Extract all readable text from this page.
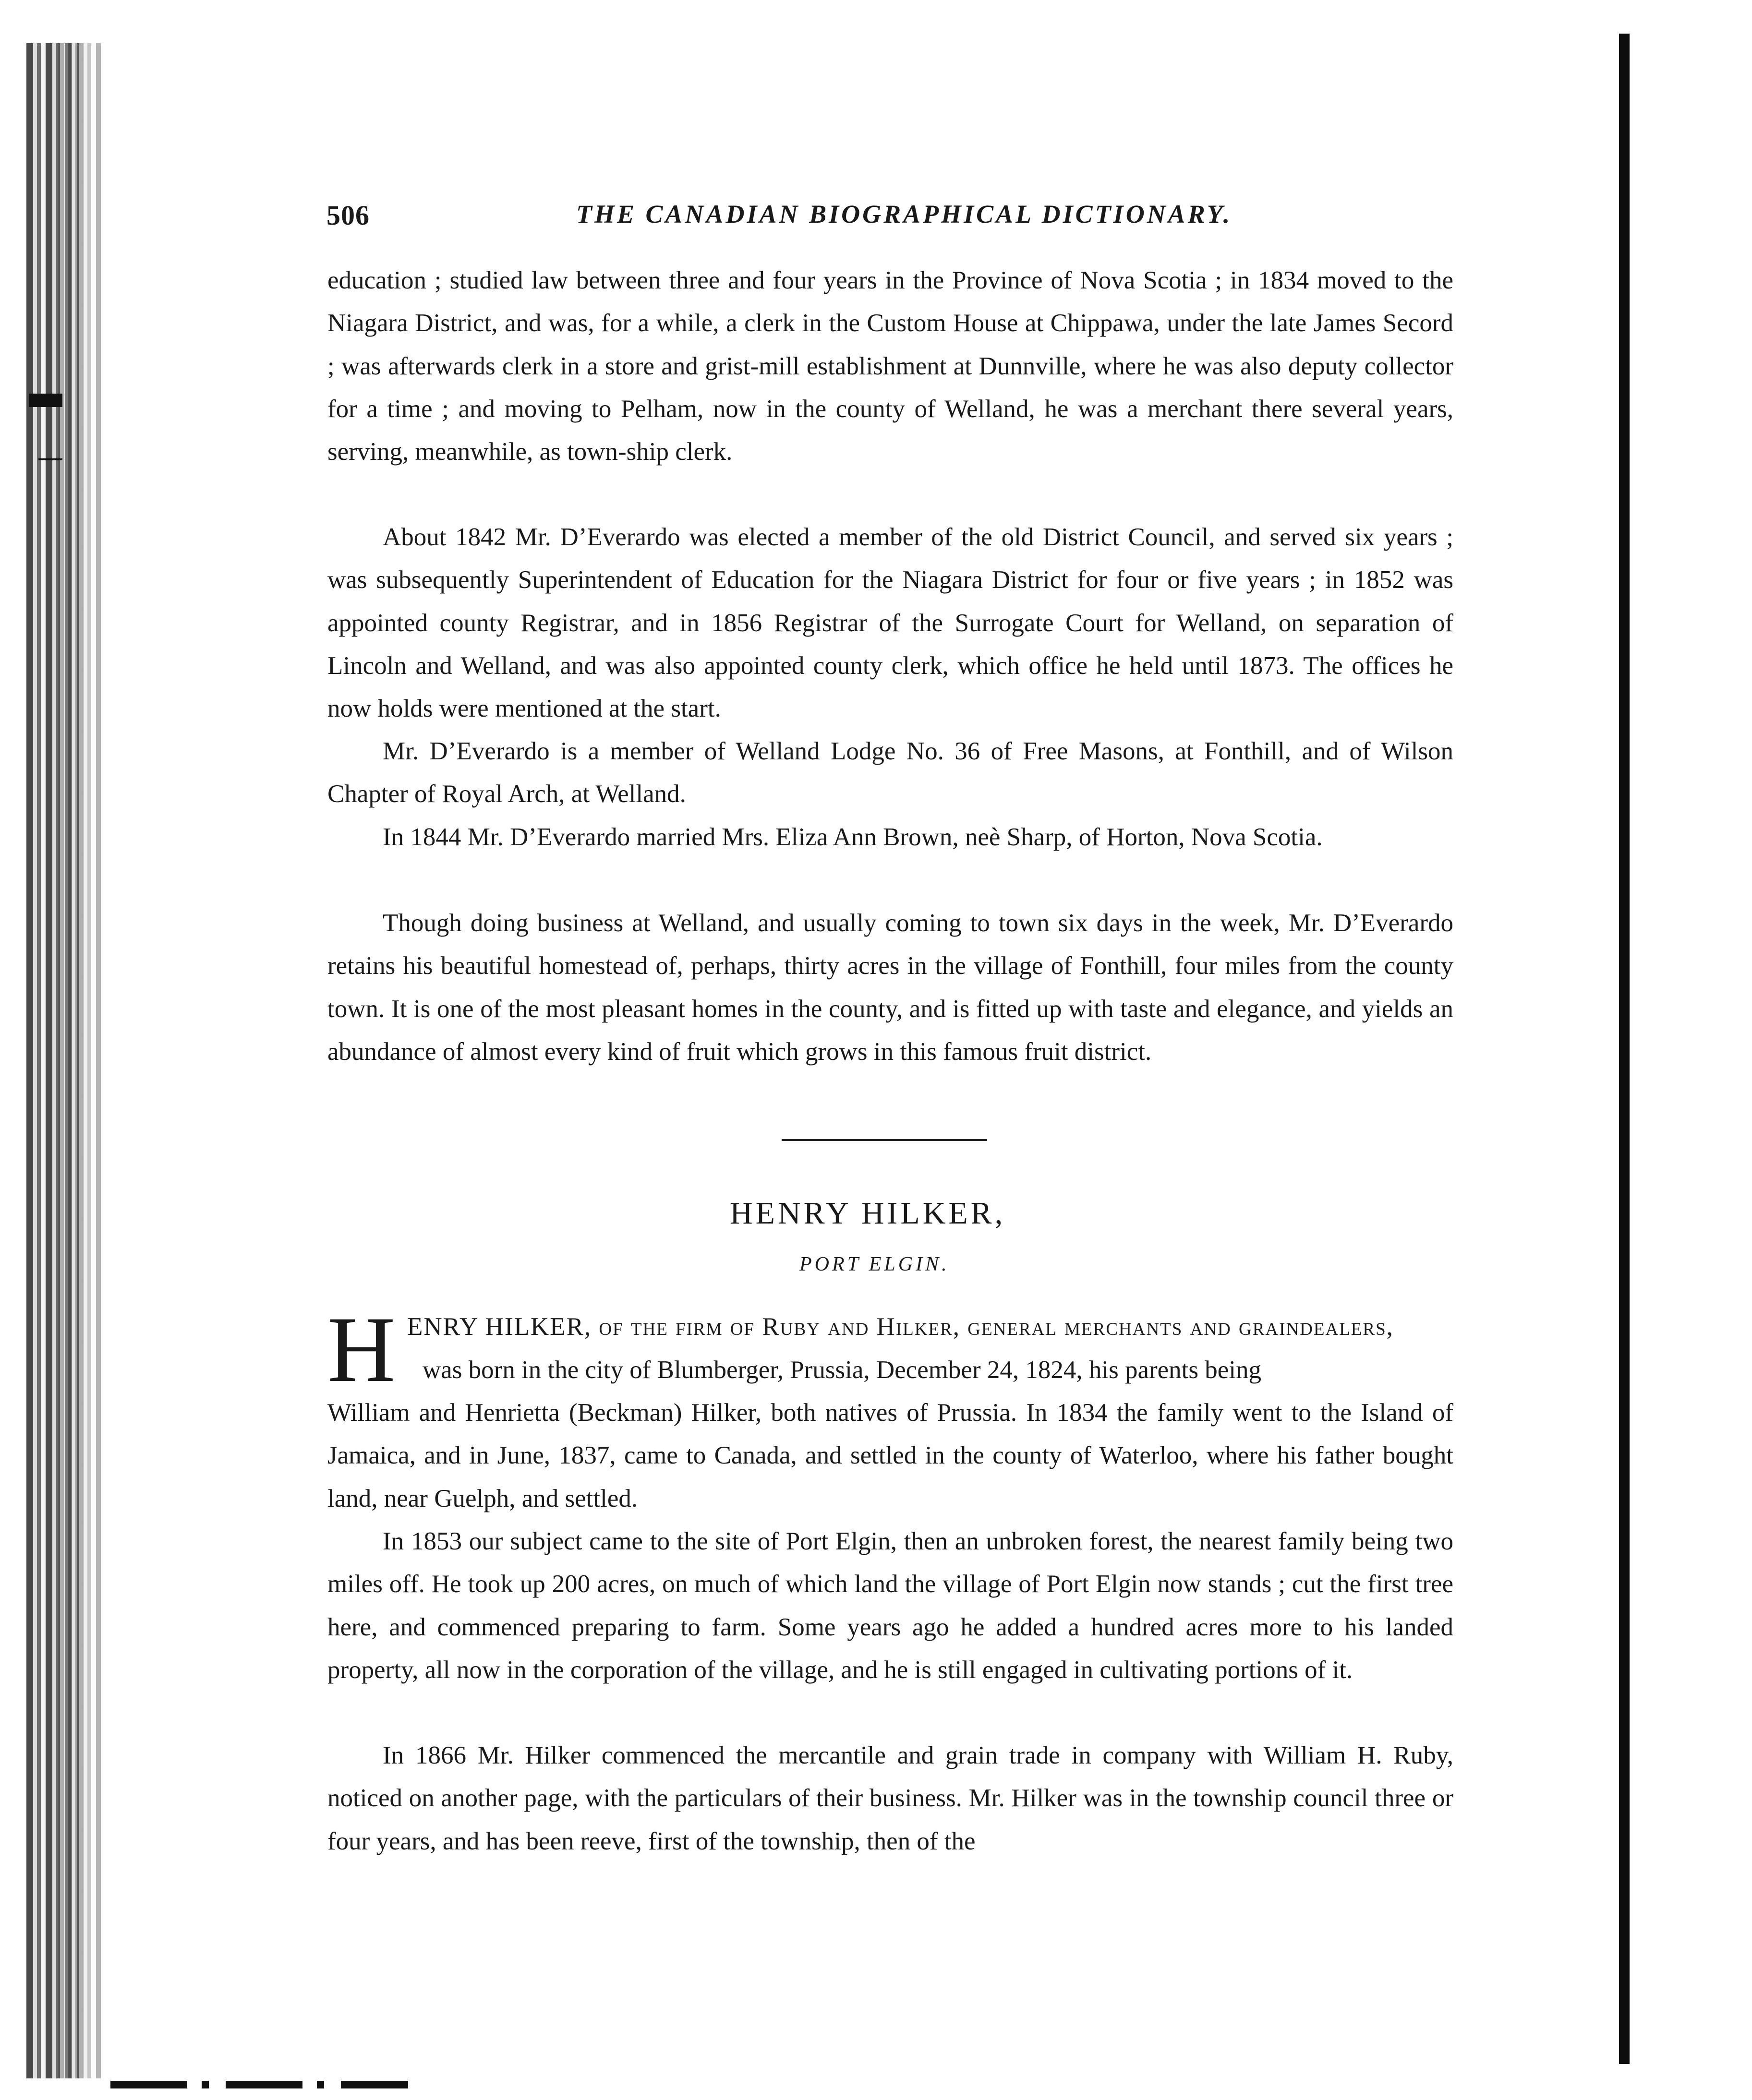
506	THE CANADIAN BIOGRAPHICAL DICTIONARY.

education ; studied law between three and four years in the Province of Nova Scotia ; in 1834 moved to the Niagara District, and was, for a while, a clerk in the Custom House at Chippawa, under the late James Secord ; was afterwards clerk in a store and grist-mill establishment at Dunnville, where he was also deputy collector for a time ; and moving to Pelham, now in the county of Welland, he was a merchant there several years, serving, meanwhile, as town-ship clerk.

About 1842 Mr. D’Everardo was elected a member of the old District Council, and served six years ; was subsequently Superintendent of Education for the Niagara District for four or five years ; in 1852 was appointed county Registrar, and in 1856 Registrar of the Surrogate Court for Welland, on separation of Lincoln and Welland, and was also appointed county clerk, which office he held until 1873. The offices he now holds were mentioned at the start.

Mr. D’Everardo is a member of Welland Lodge No. 36 of Free Masons, at Fonthill, and of Wilson Chapter of Royal Arch, at Welland.

In 1844 Mr. D’Everardo married Mrs. Eliza Ann Brown, neè Sharp, of Horton, Nova Scotia.

Though doing business at Welland, and usually coming to town six days in the week, Mr. D’Everardo retains his beautiful homestead of, perhaps, thirty acres in the village of Fonthill, four miles from the county town. It is one of the most pleasant homes in the county, and is fitted up with taste and elegance, and yields an abundance of almost every kind of fruit which grows in this famous fruit district.

HENRY HILKER,
PORT ELGIN.
H ENRY HILKER, of the firm of Ruby and Hilker, general merchants and graindealers,

was born in the city of Blumberger, Prussia, December 24, 1824, his parents being

William and Henrietta (Beckman) Hilker, both natives of Prussia. In 1834 the family went to the Island of Jamaica, and in June, 1837, came to Canada, and settled in the county of Waterloo, where his father bought land, near Guelph, and settled.

In 1853 our subject came to the site of Port Elgin, then an unbroken forest, the nearest family being two miles off. He took up 200 acres, on much of which land the village of Port Elgin now stands ; cut the first tree here, and commenced preparing to farm. Some years ago he added a hundred acres more to his landed property, all now in the corporation of the village, and he is still engaged in cultivating portions of it.

In 1866 Mr. Hilker commenced the mercantile and grain trade in company with William H. Ruby, noticed on another page, with the particulars of their business. Mr. Hilker was in the township council three or four years, and has been reeve, first of the township, then of the
